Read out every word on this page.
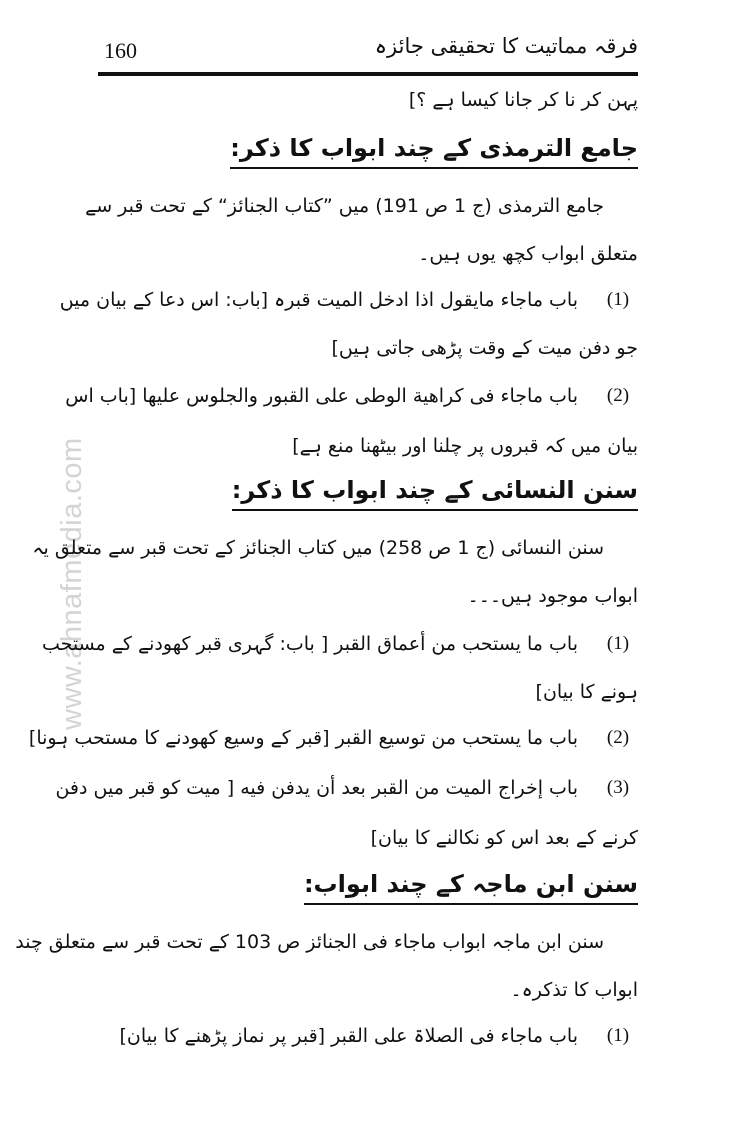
160	فرقہ مماتیت کا تحقیقی جائزہ
www.ahnafmedia.com
پہن کر نا کر جانا کیسا ہے ؟]
جامع الترمذی کے چند ابواب کا ذکر:
جامع الترمذی (ج 1 ص 191) میں ”کتاب الجنائز“ کے تحت قبر سے
متعلق ابواب کچھ یوں ہیں۔
(1)
باب ماجاء مایقول اذا ادخل المیت قبرہ [باب: اس دعا کے بیان میں
جو دفن میت کے وقت پڑھی جاتی ہیں]
(2)
باب ماجاء فی کراهیة الوطی علی القبور والجلوس علیها [باب اس
بیان میں کہ قبروں پر چلنا اور بیٹھنا منع ہے]
سنن النسائی کے چند ابواب کا ذکر:
سنن النسائی (ج 1 ص 258) میں کتاب الجنائز کے تحت قبر سے متعلق یہ
ابواب موجود ہیں۔۔۔
(1)
باب ما یستحب من أعماق القبر [ باب: گہری قبر کھودنے کے مستحب
ہونے کا بیان]
(2)
باب ما یستحب من توسیع القبر [قبر کے وسیع کھودنے کا مستحب ہونا]
(3)
باب إخراج المیت من القبر بعد أن یدفن فیه [ میت کو قبر میں دفن
کرنے کے بعد اس کو نکالنے کا بیان]
سنن ابن ماجہ کے چند ابواب:
سنن ابن ماجہ ابواب ماجاء فی الجنائز ص 103 کے تحت قبر سے متعلق چند
ابواب کا تذکرہ۔
(1)
باب ماجاء فی الصلاۃ علی القبر [قبر پر نماز پڑھنے کا بیان]
